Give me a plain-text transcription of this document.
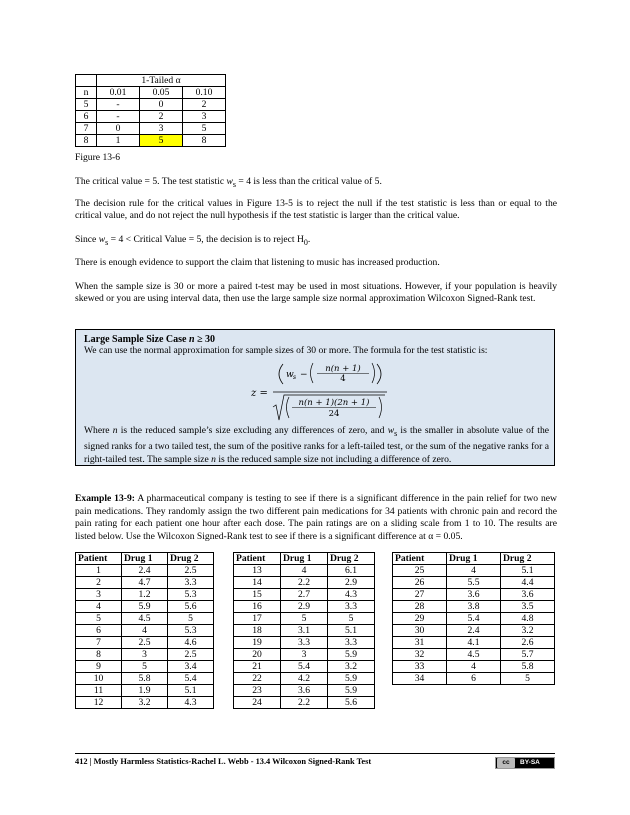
	1-Tailed α		
n	0.01	0.05	0.10
5	-	0	2
6	-	2	3
7	0	3	5
8	1	5	8
Figure 13-6
The critical value = 5. The test statistic $w_s = 4$ is less than the critical value of 5.
The decision rule for the critical values in Figure 13-5 is to reject the null if the test statistic is less than or equal to the critical value, and do not reject the null hypothesis if the test statistic is larger than the critical value.
Since $w_s = 4$ < Critical Value = 5, the decision is to reject $H_0$.
There is enough evidence to support the claim that listening to music has increased production.
When the sample size is 30 or more a paired t-test may be used in most situations. However, if your population is heavily skewed or you are using interval data, then use the large sample size normal approximation Wilcoxon Signed-Rank test.
Large Sample Size Case n ≥ 30
We can use the normal approximation for sample sizes of 30 or more. The formula for the test statistic is:
z =
w s −
n(n + 1)
4
n(n + 1)(2n + 1)
24
Where n is the reduced sample’s size excluding any differences of zero, and $w_s$ is the smaller in absolute value of the signed ranks for a two tailed test, the sum of the positive ranks for a left-tailed test, or the sum of the negative ranks for a right-tailed test. The sample size n is the reduced sample size not including a difference of zero.
Example 13-9: A pharmaceutical company is testing to see if there is a significant difference in the pain relief for two new pain medications. They randomly assign the two different pain medications for 34 patients with chronic pain and record the pain rating for each patient one hour after each dose. The pain ratings are on a sliding scale from 1 to 10. The results are listed below. Use the Wilcoxon Signed-Rank test to see if there is a significant difference at α = 0.05.
Patient	Drug 1	Drug 2
1	2.4	2.5
2	4.7	3.3
3	1.2	5.3
4	5.9	5.6
5	4.5	5
6	4	5.3
7	2.5	4.6
8	3	2.5
9	5	3.4
10	5.8	5.4
11	1.9	5.1
12	3.2	4.3
Patient	Drug 1	Drug 2
13	4	6.1
14	2.2	2.9
15	2.7	4.3
16	2.9	3.3
17	5	5
18	3.1	5.1
19	3.3	3.3
20	3	5.9
21	5.4	3.2
22	4.2	5.9
23	3.6	5.9
24	2.2	5.6
Patient	Drug 1	Drug 2
25	4	5.1
26	5.5	4.4
27	3.6	3.6
28	3.8	3.5
29	5.4	4.8
30	2.4	3.2
31	4.1	2.6
32	4.5	5.7
33	4	5.8
34	6	5
412 | Mostly Harmless Statistics-Rachel L. Webb - 13.4 Wilcoxon Signed-Rank Test	cc	BY-SA
